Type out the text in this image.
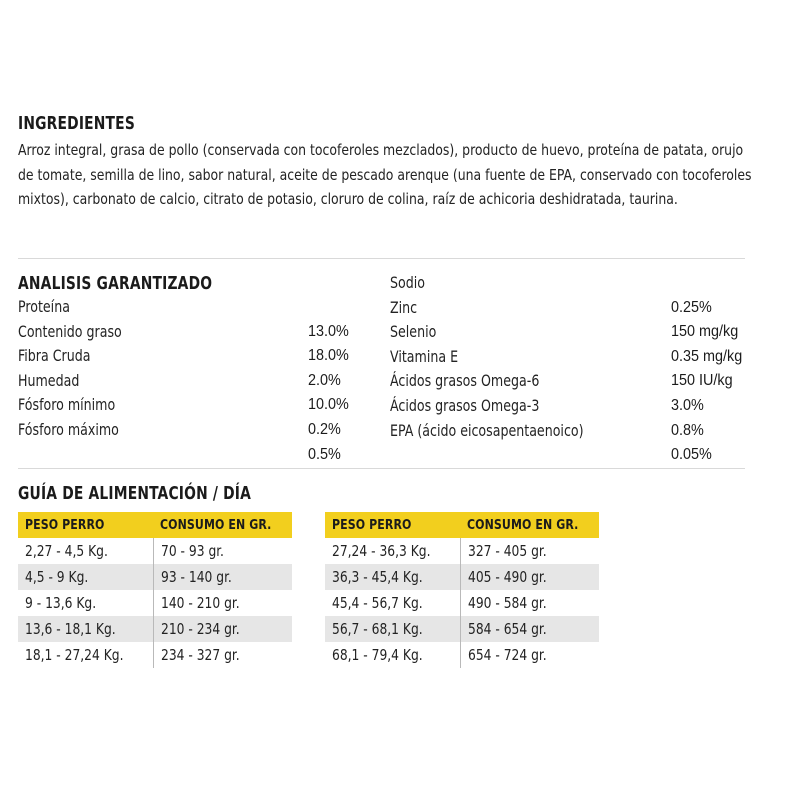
INGREDIENTES
Arroz integral, grasa de pollo (conservada con tocoferoles mezclados), producto de huevo, proteína de patata, orujo de tomate, semilla de lino, sabor natural, aceite de pescado arenque (una fuente de EPA, conservado con tocoferoles mixtos), carbonato de calcio, citrato de potasio, cloruro de colina, raíz de achicoria deshidratada, taurina.
ANALISIS GARANTIZADO
Proteína
13.0%
Contenido graso
18.0%
Fibra Cruda
2.0%
Humedad
10.0%
Fósforo mínimo
0.2%
Fósforo máximo
0.5%
Sodio
0.25%
Zinc
150 mg/kg
Selenio
0.35 mg/kg
Vitamina E
150 IU/kg
Ácidos grasos Omega-6
3.0%
Ácidos grasos Omega-3
0.8%
EPA (ácido eicosapentaenoico)
0.05%
GUÍA DE ALIMENTACIÓN / DÍA
PESO PERRO	CONSUMO EN GR.
2,27 - 4,5 Kg.	70 - 93 gr.
4,5 - 9 Kg.	93 - 140 gr.
9 - 13,6 Kg.	140 - 210 gr.
13,6 - 18,1 Kg.	210 - 234 gr.
18,1 - 27,24 Kg.	234 - 327 gr.
PESO PERRO	CONSUMO EN GR.
27,24 - 36,3 Kg.	327 - 405 gr.
36,3 - 45,4 Kg.	405 - 490 gr.
45,4 - 56,7 Kg.	490 - 584 gr.
56,7 - 68,1 Kg.	584 - 654 gr.
68,1 - 79,4 Kg.	654 - 724 gr.
